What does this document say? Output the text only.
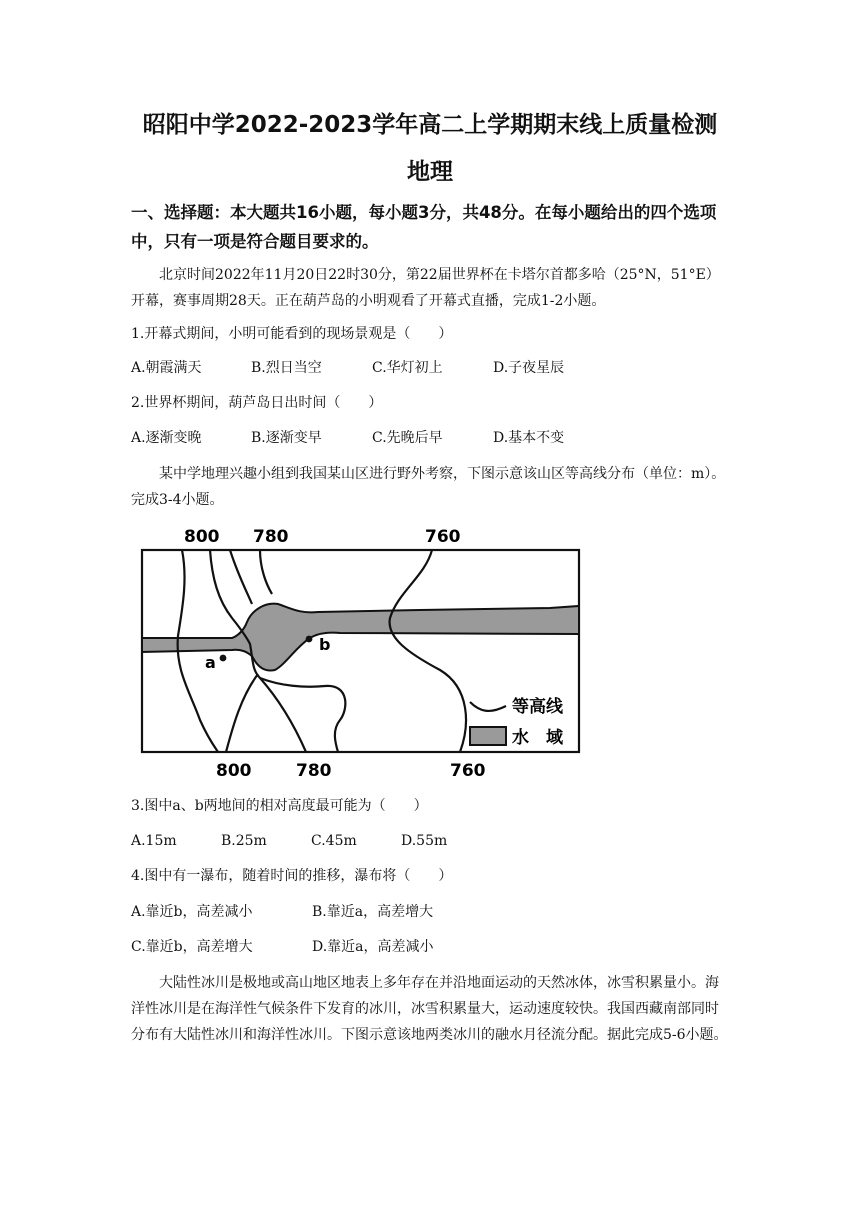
昭阳中学2022-2023学年高二上学期期末线上质量检测
地理
一、选择题：本大题共16小题，每小题3分，共48分。在每小题给出的四个选项中，只有一项是符合题目要求的。
北京时间2022年11月20日22时30分，第22届世界杯在卡塔尔首都多哈（25°N，51°E）开幕，赛事周期28天。正在葫芦岛的小明观看了开幕式直播，完成1-2小题。
1.开幕式期间，小明可能看到的现场景观是（　　）
A.朝霞满天	B.烈日当空	C.华灯初上	D.子夜星辰
2.世界杯期间，葫芦岛日出时间（　　）
A.逐渐变晚	B.逐渐变早	C.先晚后早	D.基本不变
某中学地理兴趣小组到我国某山区进行野外考察，下图示意该山区等高线分布（单位：m）。完成3-4小题。
800 780	760
a
b
等高线
水　域
800	780	760
3.图中a、b两地间的相对高度最可能为（　　）
A.15m	B.25m	C.45m	D.55m
4.图中有一瀑布，随着时间的推移，瀑布将（　　）
A.靠近b，高差减小	B.靠近a，高差增大
C.靠近b，高差增大	D.靠近a，高差减小
大陆性冰川是极地或高山地区地表上多年存在并沿地面运动的天然冰体，冰雪积累量小。海洋性冰川是在海洋性气候条件下发育的冰川，冰雪积累量大，运动速度较快。我国西藏南部同时分布有大陆性冰川和海洋性冰川。下图示意该地两类冰川的融水月径流分配。据此完成5-6小题。
